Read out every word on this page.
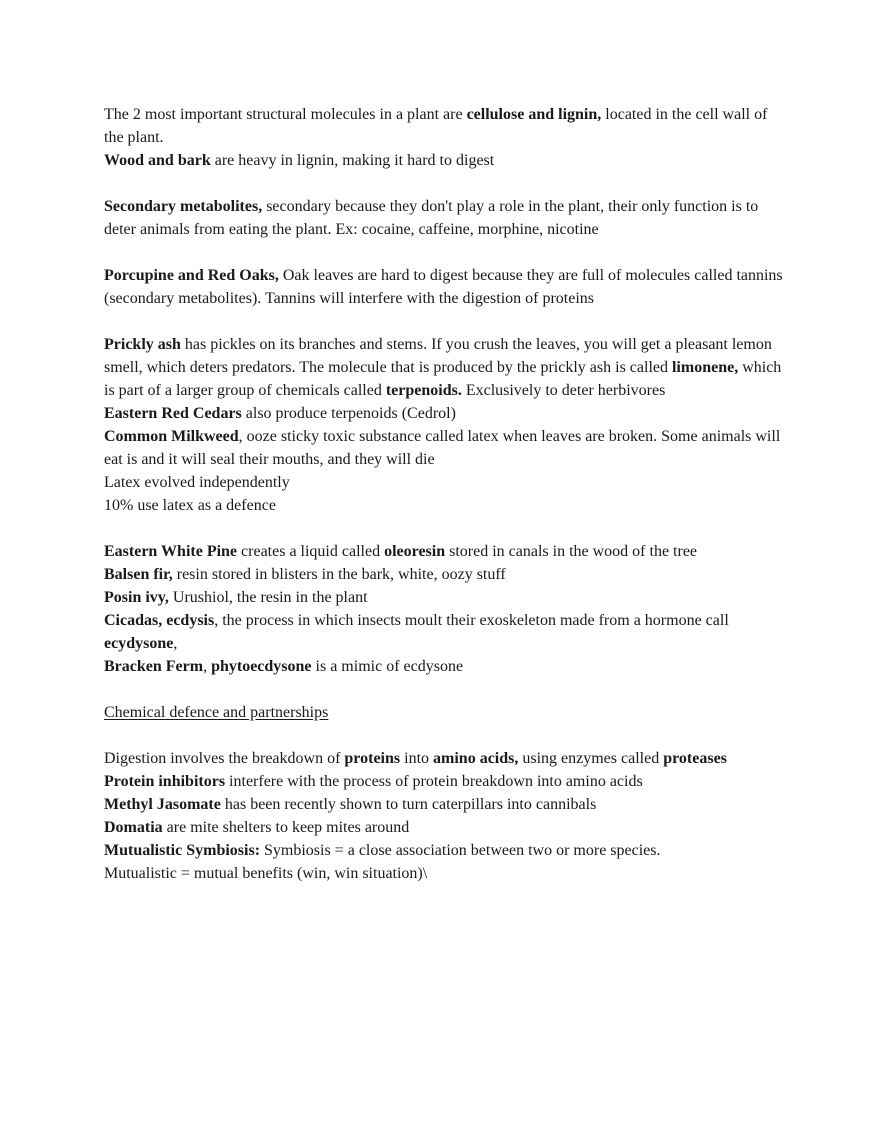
The 2 most important structural molecules in a plant are cellulose and lignin, located in the cell wall of the plant.
Wood and bark are heavy in lignin, making it hard to digest
Secondary metabolites, secondary because they don't play a role in the plant, their only function is to deter animals from eating the plant. Ex: cocaine, caffeine, morphine, nicotine
Porcupine and Red Oaks, Oak leaves are hard to digest because they are full of molecules called tannins (secondary metabolites). Tannins will interfere with the digestion of proteins
Prickly ash has pickles on its branches and stems. If you crush the leaves, you will get a pleasant lemon smell, which deters predators. The molecule that is produced by the prickly ash is called limonene, which is part of a larger group of chemicals called terpenoids. Exclusively to deter herbivores
Eastern Red Cedars also produce terpenoids (Cedrol)
Common Milkweed, ooze sticky toxic substance called latex when leaves are broken. Some animals will eat is and it will seal their mouths, and they will die
Latex evolved independently
10% use latex as a defence
Eastern White Pine creates a liquid called oleoresin stored in canals in the wood of the tree
Balsen fir, resin stored in blisters in the bark, white, oozy stuff
Posin ivy, Urushiol, the resin in the plant
Cicadas, ecdysis, the process in which insects moult their exoskeleton made from a hormone call ecydysone,
Bracken Ferm, phytoecdysone is a mimic of ecdysone
Chemical defence and partnerships
Digestion involves the breakdown of proteins into amino acids, using enzymes called proteases
Protein inhibitors interfere with the process of protein breakdown into amino acids
Methyl Jasomate has been recently shown to turn caterpillars into cannibals
Domatia are mite shelters to keep mites around
Mutualistic Symbiosis: Symbiosis = a close association between two or more species.
Mutualistic = mutual benefits (win, win situation)\
